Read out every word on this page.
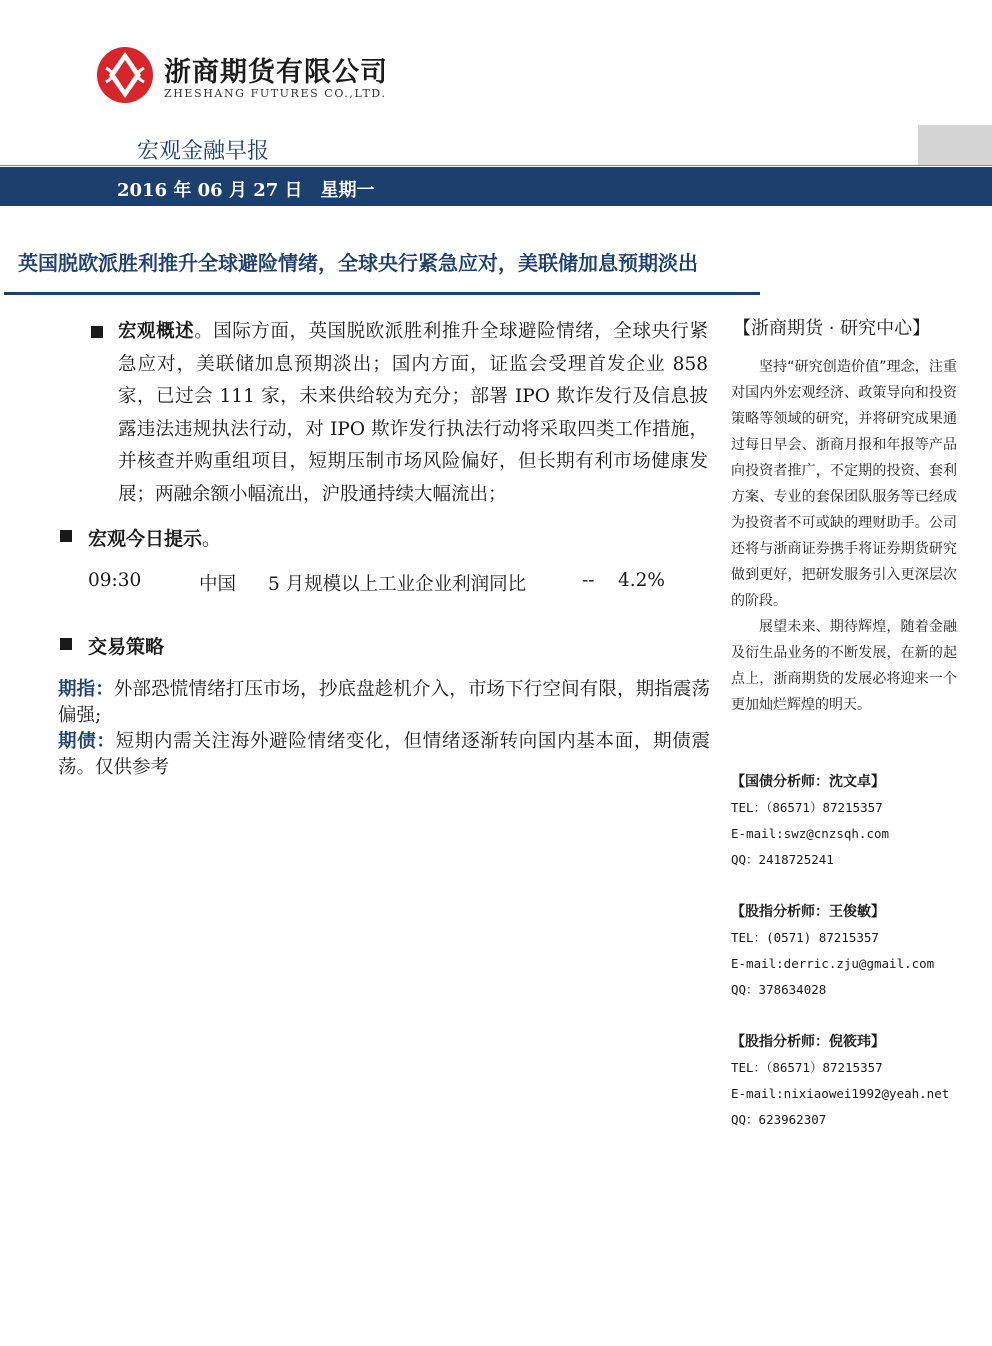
浙商期货有限公司
ZHESHANG FUTURES CO.,LTD.
宏观金融早报
2016 年 06 月 27 日　星期一
英国脱欧派胜利推升全球避险情绪，全球央行紧急应对，美联储加息预期淡出
宏观概述。国际方面，英国脱欧派胜利推升全球避险情绪，全球央行紧急应对，美联储加息预期淡出；国内方面，证监会受理首发企业 858 家，已过会 111 家，未来供给较为充分；部署 IPO 欺诈发行及信息披露违法违规执法行动，对 IPO 欺诈发行执法行动将采取四类工作措施，并核查并购重组项目，短期压制市场风险偏好，但长期有利市场健康发展；两融余额小幅流出，沪股通持续大幅流出；
宏观今日提示。
09:30	中国 5 月规模以上工业企业利润同比	-- 4.2%
交易策略
期指：外部恐慌情绪打压市场，抄底盘趁机介入，市场下行空间有限，期指震荡偏强;
期债：短期内需关注海外避险情绪变化，但情绪逐渐转向国内基本面，期债震荡。仅供参考
【浙商期货 · 研究中心】

坚持“研究创造价值”理念，注重对国内外宏观经济、政策导向和投资策略等领域的研究，并将研究成果通过每日早会、浙商月报和年报等产品向投资者推广，不定期的投资、套利方案、专业的套保团队服务等已经成为投资者不可或缺的理财助手。公司还将与浙商证券携手将证券期货研究做到更好，把研发服务引入更深层次的阶段。

展望未来、期待辉煌，随着金融及衍生品业务的不断发展，在新的起点上，浙商期货的发展必将迎来一个更加灿烂辉煌的明天。

【国债分析师：沈文卓】
TEL：（86571）87215357
E-mail:swz@cnzsqh.com
QQ：2418725241
【股指分析师：王俊敏】
TEL：(0571) 87215357
E-mail:derric.zju@gmail.com
QQ：378634028
【股指分析师：倪筱玮】
TEL：（86571）87215357
E-mail:nixiaowei1992@yeah.net
QQ：623962307
